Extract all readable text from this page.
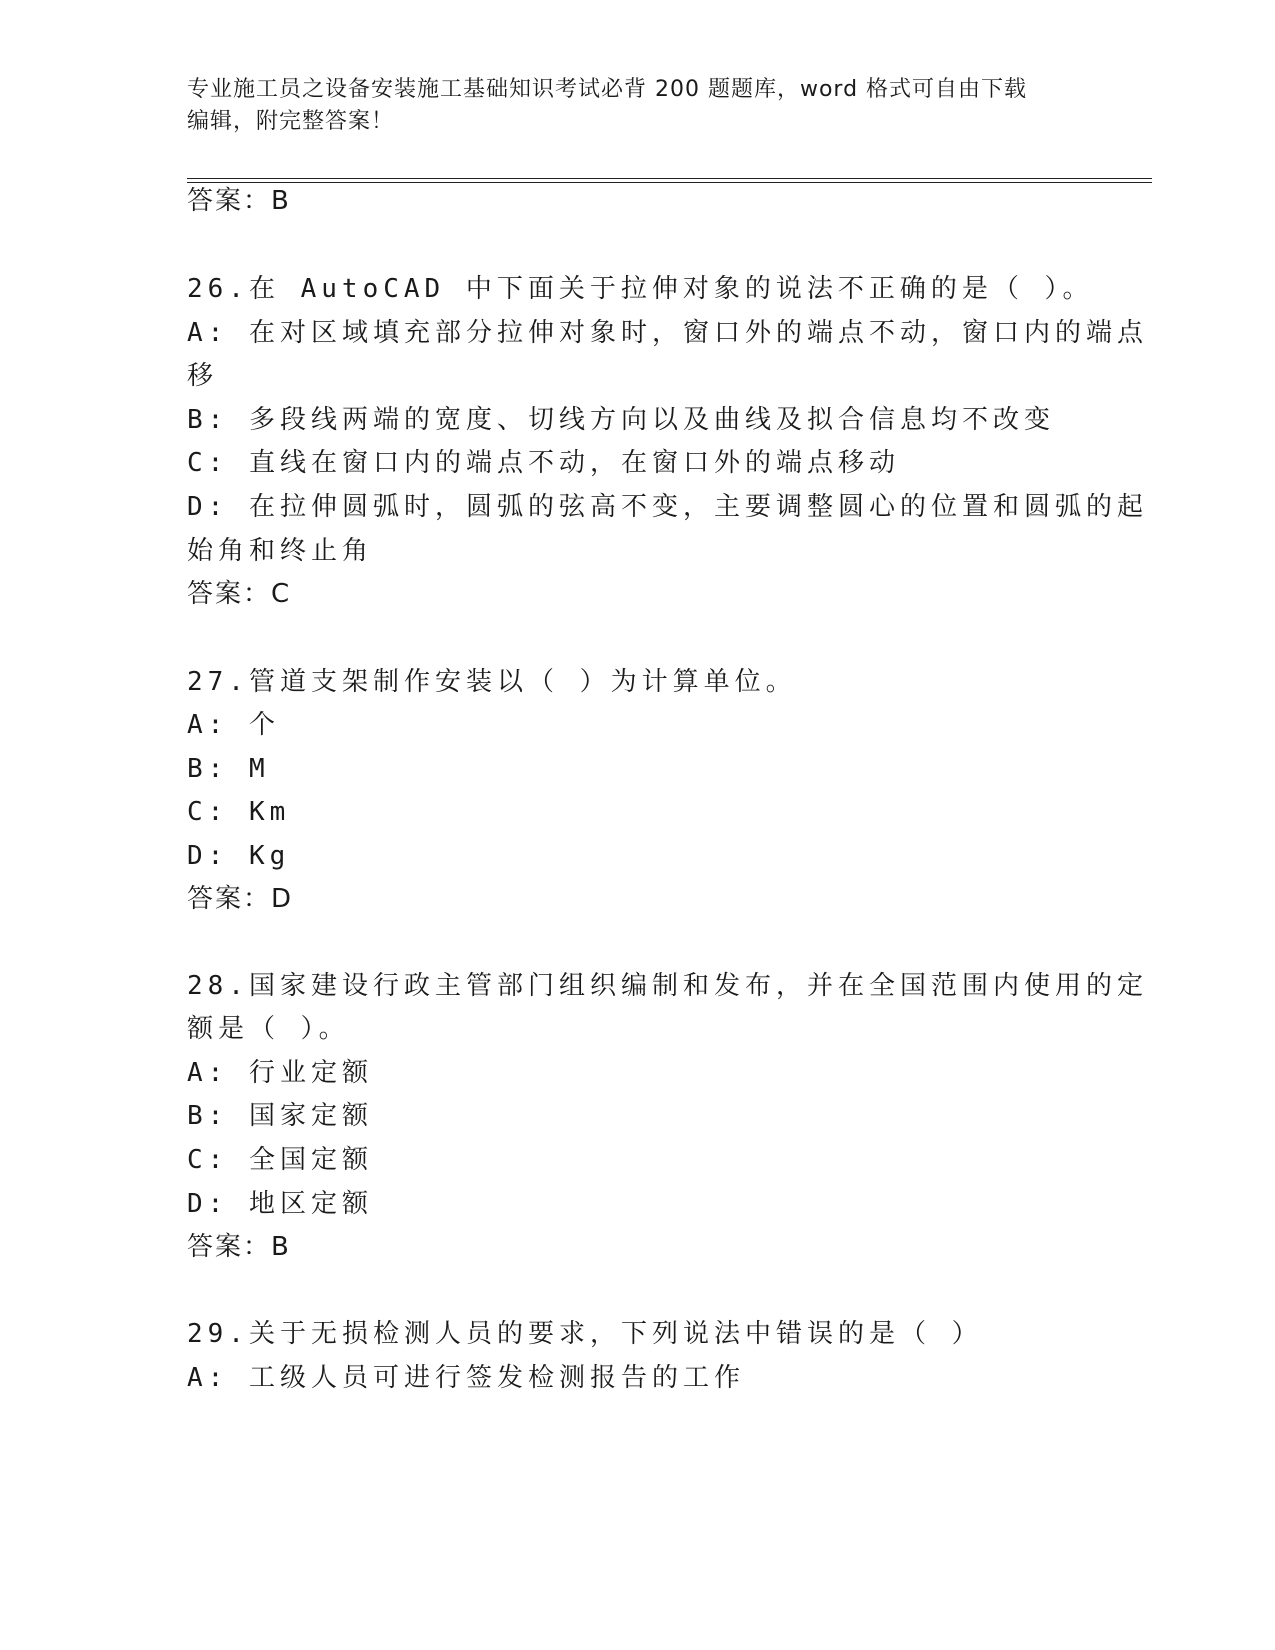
专业施工员之设备安装施工基础知识考试必背 200 题题库，word 格式可自由下载
编辑，附完整答案！
答案：B
26.在 AutoCAD 中下面关于拉伸对象的说法不正确的是（ ）。
A: 在对区域填充部分拉伸对象时，窗口外的端点不动，窗口内的端点
移
B: 多段线两端的宽度、切线方向以及曲线及拟合信息均不改变
C: 直线在窗口内的端点不动，在窗口外的端点移动
D: 在拉伸圆弧时，圆弧的弦高不变，主要调整圆心的位置和圆弧的起
始角和终止角
答案：C
27.管道支架制作安装以（ ）为计算单位。
A: 个
B: M
C: Km
D: Kg
答案：D
28.国家建设行政主管部门组织编制和发布，并在全国范围内使用的定
额是（ ）。
A: 行业定额
B: 国家定额
C: 全国定额
D: 地区定额
答案：B
29.关于无损检测人员的要求，下列说法中错误的是（ ）
A: 工级人员可进行签发检测报告的工作
